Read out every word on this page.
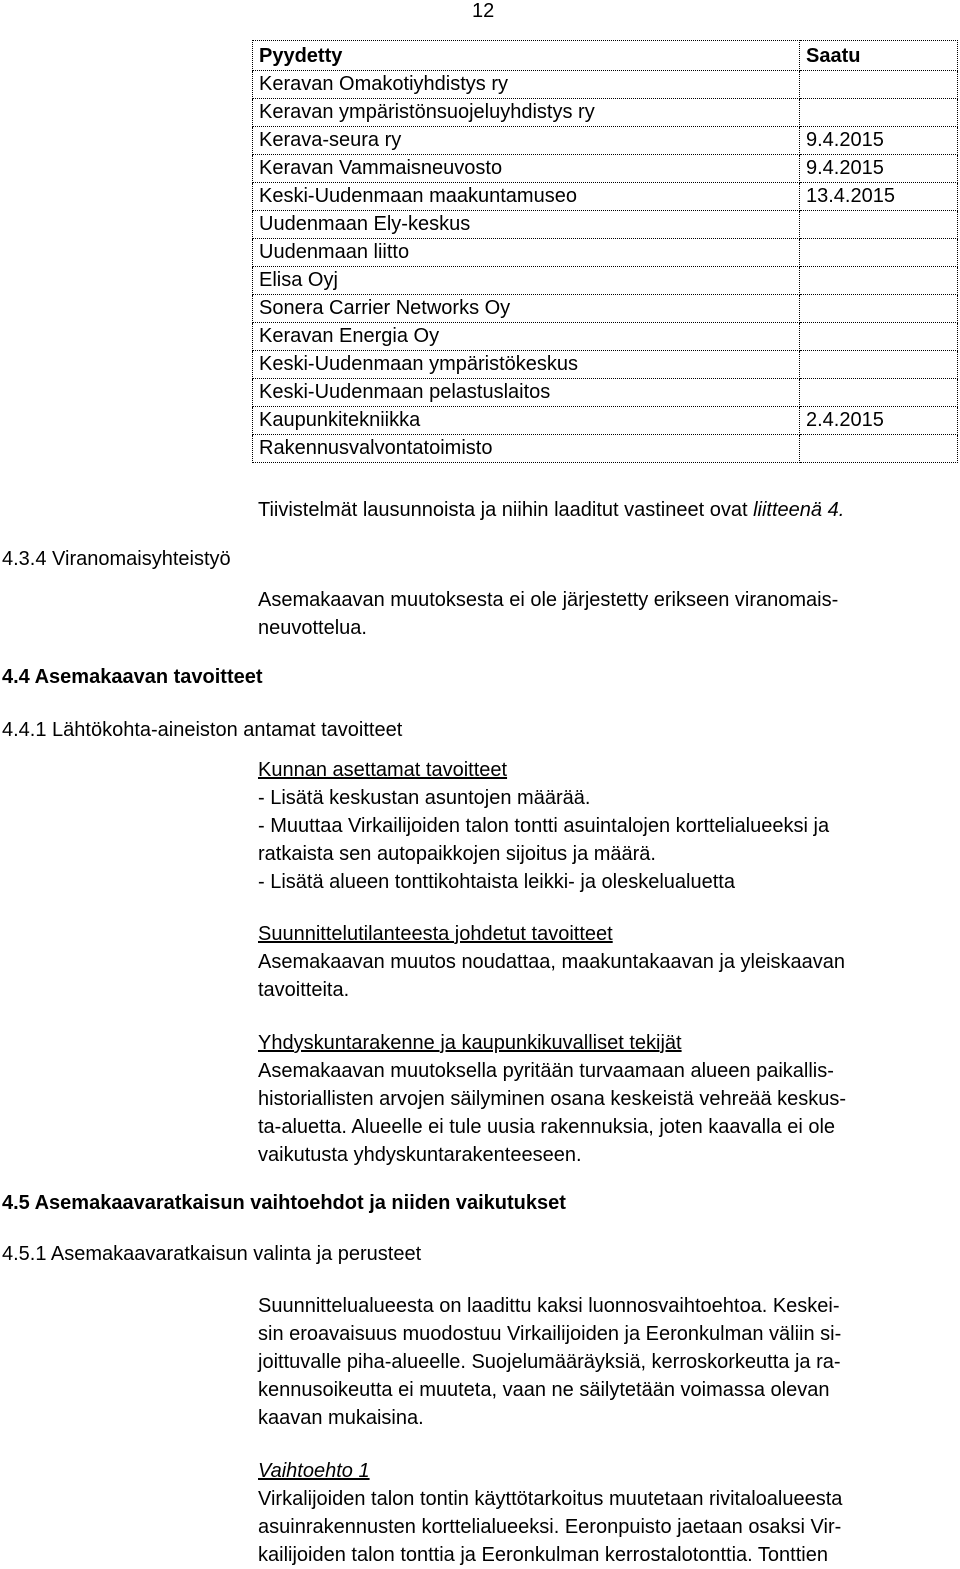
12
Pyydetty	Saatu
Keravan Omakotiyhdistys ry	
Keravan ympäristönsuojeluyhdistys ry	
Kerava-seura ry	9.4.2015
Keravan Vammaisneuvosto	9.4.2015
Keski-Uudenmaan maakuntamuseo	13.4.2015
Uudenmaan Ely-keskus	
Uudenmaan liitto	
Elisa Oyj	
Sonera Carrier Networks Oy	
Keravan Energia Oy	
Keski-Uudenmaan ympäristökeskus	
Keski-Uudenmaan pelastuslaitos	
Kaupunkitekniikka	2.4.2015
Rakennusvalvontatoimisto	

Tiivistelmät lausunnoista ja niihin laaditut vastineet ovat liitteenä 4.

4.3.4 Viranomaisyhteistyö

Asemakaavan muutoksesta ei ole järjestetty erikseen viranomais-
neuvottelua.

4.4 Asemakaavan tavoitteet
4.4.1 Lähtökohta-aineiston antamat tavoitteet
Kunnan asettamat tavoitteet
- Lisätä keskustan asuntojen määrää.
- Muuttaa Virkailijoiden talon tontti asuintalojen korttelialueeksi ja
ratkaista sen autopaikkojen sijoitus ja määrä.
- Lisätä alueen tonttikohtaista leikki- ja oleskelualuetta
Suunnittelutilanteesta johdetut tavoitteet
Asemakaavan muutos noudattaa, maakuntakaavan ja yleiskaavan
tavoitteita.
Yhdyskuntarakenne ja kaupunkikuvalliset tekijät
Asemakaavan muutoksella pyritään turvaamaan alueen paikallis-
historiallisten arvojen säilyminen osana keskeistä vehreää keskus-
ta-aluetta. Alueelle ei tule uusia rakennuksia, joten kaavalla ei ole
vaikutusta yhdyskuntarakenteeseen.
4.5 Asemakaavaratkaisun vaihtoehdot ja niiden vaikutukset
4.5.1 Asemakaavaratkaisun valinta ja perusteet
Suunnittelualueesta on laadittu kaksi luonnosvaihtoehtoa. Keskei-
sin eroavaisuus muodostuu Virkailijoiden ja Eeronkulman väliin si-
joittuvalle piha-alueelle. Suojelumääräyksiä, kerroskorkeutta ja ra-
kennusoikeutta ei muuteta, vaan ne säilytetään voimassa olevan
kaavan mukaisina.
Vaihtoehto 1
Virkalijoiden talon tontin käyttötarkoitus muutetaan rivitaloalueesta
asuinrakennusten korttelialueeksi. Eeronpuisto jaetaan osaksi Vir-
kailijoiden talon tonttia ja Eeronkulman kerrostalotonttia. Tonttien
